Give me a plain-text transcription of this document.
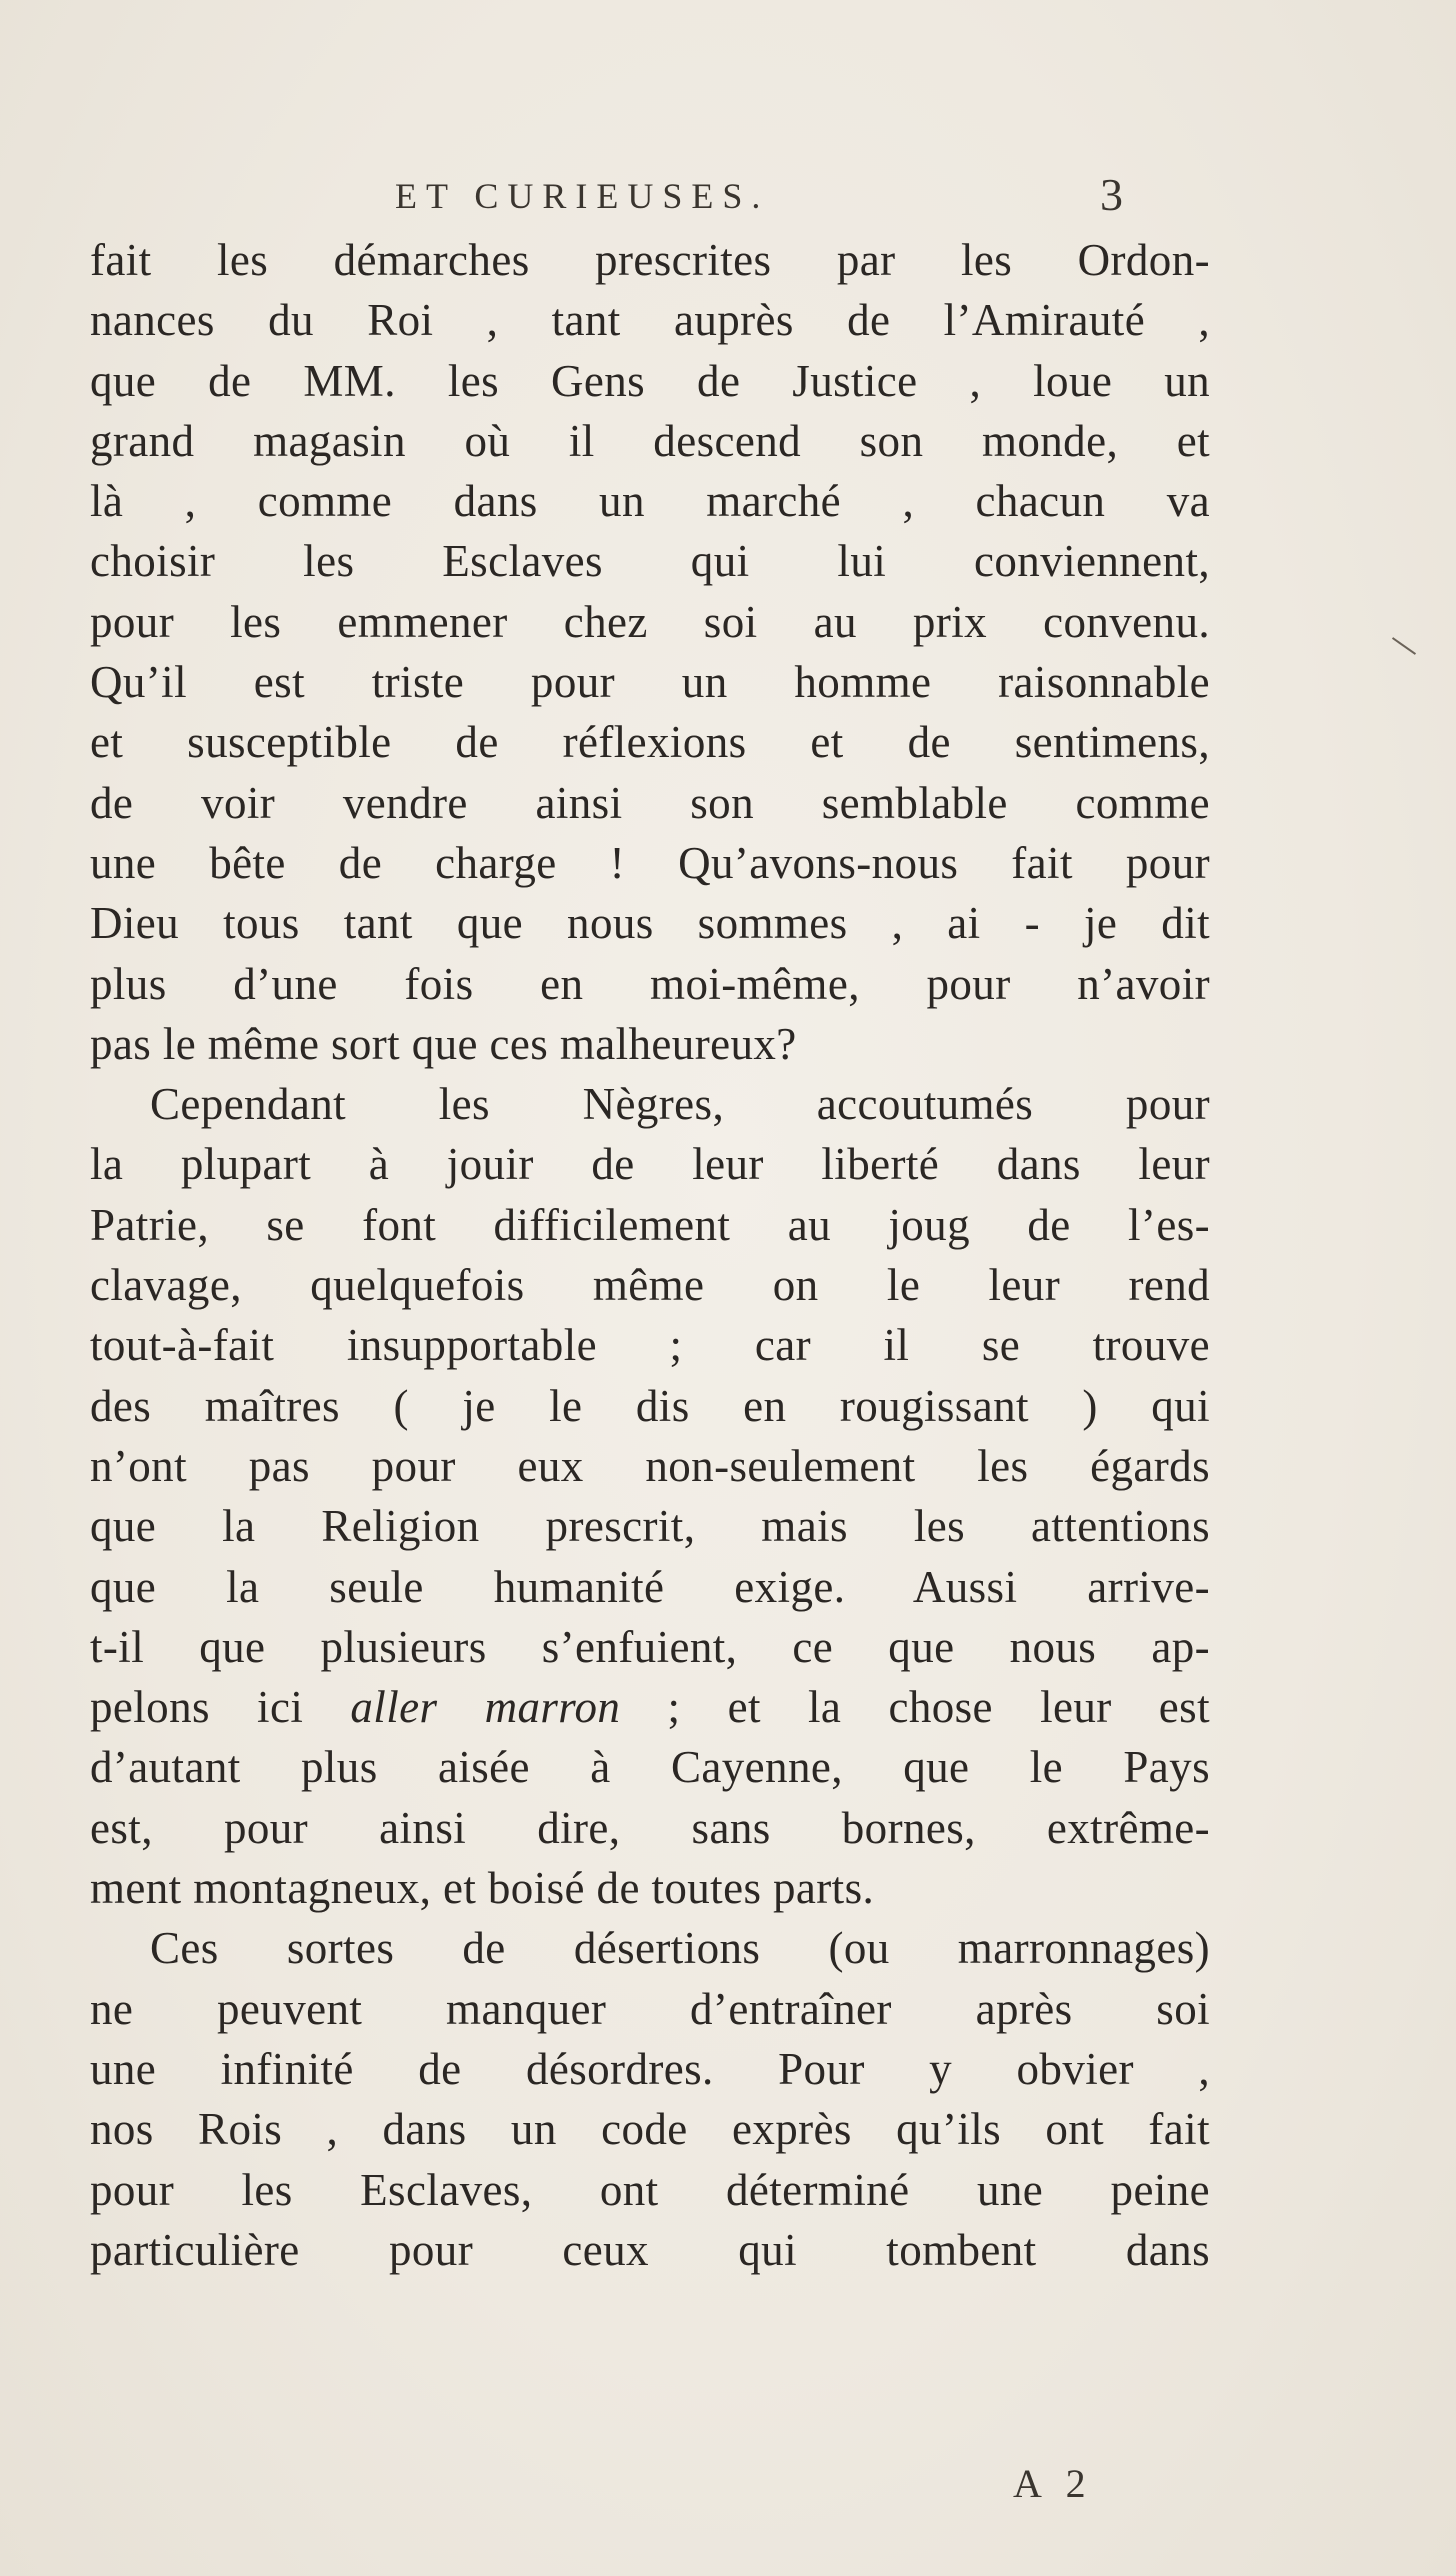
ET CURIEUSES.	3
fait les démarches prescrites par les Ordon-
nances du Roi , tant auprès de l’Amirauté ,
que de MM. les Gens de Justice , loue un
grand magasin où il descend son monde, et
là , comme dans un marché , chacun va
choisir les Esclaves qui lui conviennent,
pour les emmener chez soi au prix convenu.
Qu’il est triste pour un homme raisonnable
et susceptible de réflexions et de sentimens,
de voir vendre ainsi son semblable comme
une bête de charge ! Qu’avons-nous fait pour
Dieu tous tant que nous sommes , ai - je dit
plus d’une fois en moi-même, pour n’avoir
pas le même sort que ces malheureux?
Cependant les Nègres, accoutumés pour
la plupart à jouir de leur liberté dans leur
Patrie, se font difficilement au joug de l’es-
clavage, quelquefois même on le leur rend
tout-à-fait insupportable ; car il se trouve
des maîtres ( je le dis en rougissant ) qui
n’ont pas pour eux non-seulement les égards
que la Religion prescrit, mais les attentions
que la seule humanité exige. Aussi arrive-
t-il que plusieurs s’enfuient, ce que nous ap-
pelons ici aller marron ; et la chose leur est
d’autant plus aisée à Cayenne, que le Pays
est, pour ainsi dire, sans bornes, extrême-
ment montagneux, et boisé de toutes parts.
Ces sortes de désertions (ou marronnages)
ne peuvent manquer d’entraîner après soi
une infinité de désordres. Pour y obvier ,
nos Rois , dans un code exprès qu’ils ont fait
pour les Esclaves, ont déterminé une peine
particulière pour ceux qui tombent dans
A 2
